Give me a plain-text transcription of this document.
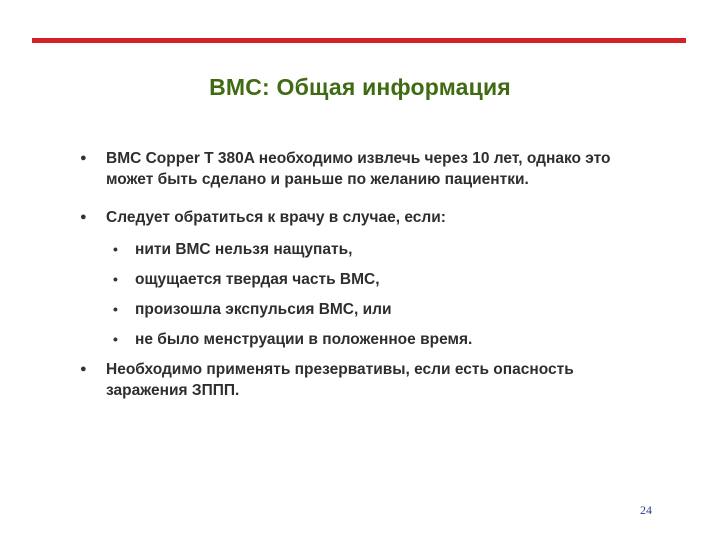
ВМС: Общая информация
●	ВМС Copper T 380A необходимо извлечь через 10 лет, однако это может быть сделано и раньше по желанию пациентки.
●	Следует обратиться к врачу в случае, если:
• нити ВМС нельзя нащупать,
• ощущается твердая часть ВМС,
• произошла экспульсия ВМС, или
• не было менструации в положенное время.
●	Необходимо применять презервативы, если есть опасность заражения ЗППП.
24
